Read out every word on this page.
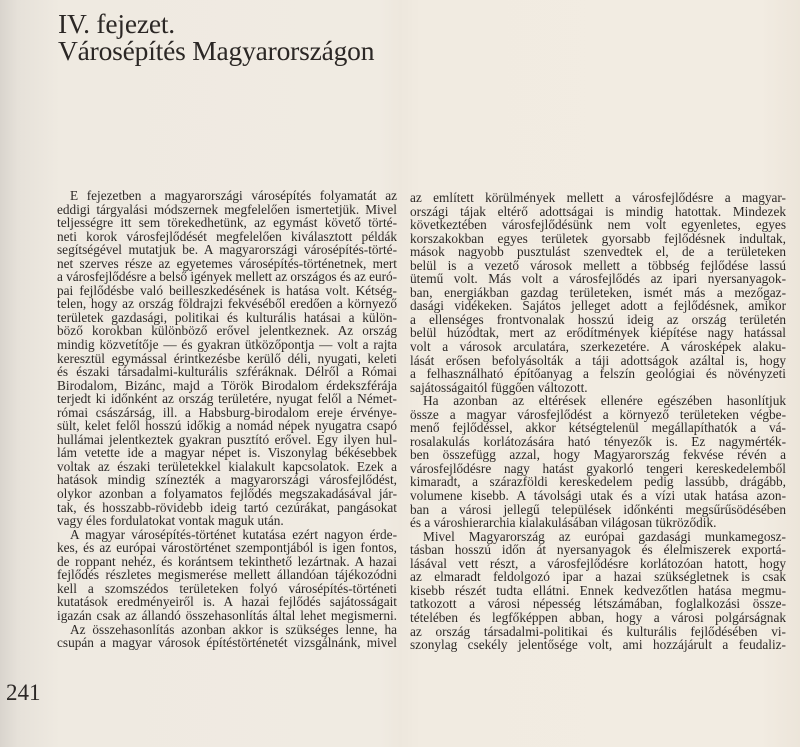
IV. fejezet.
Városépítés Magyarországon
E fejezetben a magyarországi városépítés folyamatát az
eddigi tárgyalási módszernek megfelelően ismertetjük. Mivel
teljességre itt sem törekedhetünk, az egymást követő törté-
neti korok városfejlődését megfelelően kiválasztott példák
segítségével mutatjuk be. A magyarországi városépítés-törté-
net szerves része az egyetemes városépítés-történetnek, mert
a városfejlődésre a belső igények mellett az országos és az euró-
pai fejlődésbe való beilleszkedésének is hatása volt. Kétség-
telen, hogy az ország földrajzi fekvéséből eredően a környező
területek gazdasági, politikai és kulturális hatásai a külön-
böző korokban különböző erővel jelentkeznek. Az ország
mindig közvetítője — és gyakran ütközőpontja — volt a rajta
keresztül egymással érintkezésbe kerülő déli, nyugati, keleti
és északi társadalmi-kulturális szféráknak. Délről a Római
Birodalom, Bizánc, majd a Török Birodalom érdekszférája
terjedt ki időnként az ország területére, nyugat felől a Német-
római császárság, ill. a Habsburg-birodalom ereje érvénye-
sült, kelet felől hosszú időkig a nomád népek nyugatra csapó
hullámai jelentkeztek gyakran pusztító erővel. Egy ilyen hul-
lám vetette ide a magyar népet is. Viszonylag békésebbek
voltak az északi területekkel kialakult kapcsolatok. Ezek a
hatások mindig színezték a magyarországi városfejlődést,
olykor azonban a folyamatos fejlődés megszakadásával jár-
tak, és hosszabb-rövidebb ideig tartó cezúrákat, pangásokat
vagy éles fordulatokat vontak maguk után.
A magyar városépítés-történet kutatása ezért nagyon érde-
kes, és az európai várostörténet szempontjából is igen fontos,
de roppant nehéz, és korántsem tekinthető lezártnak. A hazai
fejlődés részletes megismerése mellett állandóan tájékozódni
kell a szomszédos területeken folyó városépítés-történeti
kutatások eredményeiről is. A hazai fejlődés sajátosságait
igazán csak az állandó összehasonlítás által lehet megismerni.
Az összehasonlítás azonban akkor is szükséges lenne, ha
csupán a magyar városok építéstörténetét vizsgálnánk, mivel
az említett körülmények mellett a városfejlődésre a magyar-
országi tájak eltérő adottságai is mindig hatottak. Mindezek
következtében városfejlődésünk nem volt egyenletes, egyes
korszakokban egyes területek gyorsabb fejlődésnek indultak,
mások nagyobb pusztulást szenvedtek el, de a területeken
belül is a vezető városok mellett a többség fejlődése lassú
ütemű volt. Más volt a városfejlődés az ipari nyersanyagok-
ban, energiákban gazdag területeken, ismét más a mezőgaz-
dasági vidékeken. Sajátos jelleget adott a fejlődésnek, amikor
a ellenséges frontvonalak hosszú ideig az ország területén
belül húzódtak, mert az erődítmények kiépítése nagy hatással
volt a városok arculatára, szerkezetére. A városképek alaku-
lását erősen befolyásolták a táji adottságok azáltal is, hogy
a felhasználható építőanyag a felszín geológiai és növényzeti
sajátosságaitól függően változott.
Ha azonban az eltérések ellenére egészében hasonlítjuk
össze a magyar városfejlődést a környező területeken végbe-
menő fejlődéssel, akkor kétségtelenül megállapíthatók a vá-
rosalakulás korlátozására ható tényezők is. Ez nagymérték-
ben összefügg azzal, hogy Magyarország fekvése révén a
városfejlődésre nagy hatást gyakorló tengeri kereskedelemből
kimaradt, a szárazföldi kereskedelem pedig lassúbb, drágább,
volumene kisebb. A távolsági utak és a vízi utak hatása azon-
ban a városi jellegű települések időnkénti megsűrűsödésében
és a városhierarchia kialakulásában világosan tükröződik.
Mivel Magyarország az európai gazdasági munkamegosz-
tásban hosszú időn át nyersanyagok és élelmiszerek exportá-
lásával vett részt, a városfejlődésre korlátozóan hatott, hogy
az elmaradt feldolgozó ipar a hazai szükségletnek is csak
kisebb részét tudta ellátni. Ennek kedvezőtlen hatása megmu-
tatkozott a városi népesség létszámában, foglalkozási össze-
tételében és legfőképpen abban, hogy a városi polgárságnak
az ország társadalmi-politikai és kulturális fejlődésében vi-
szonylag csekély jelentősége volt, ami hozzájárult a feudaliz-
241
